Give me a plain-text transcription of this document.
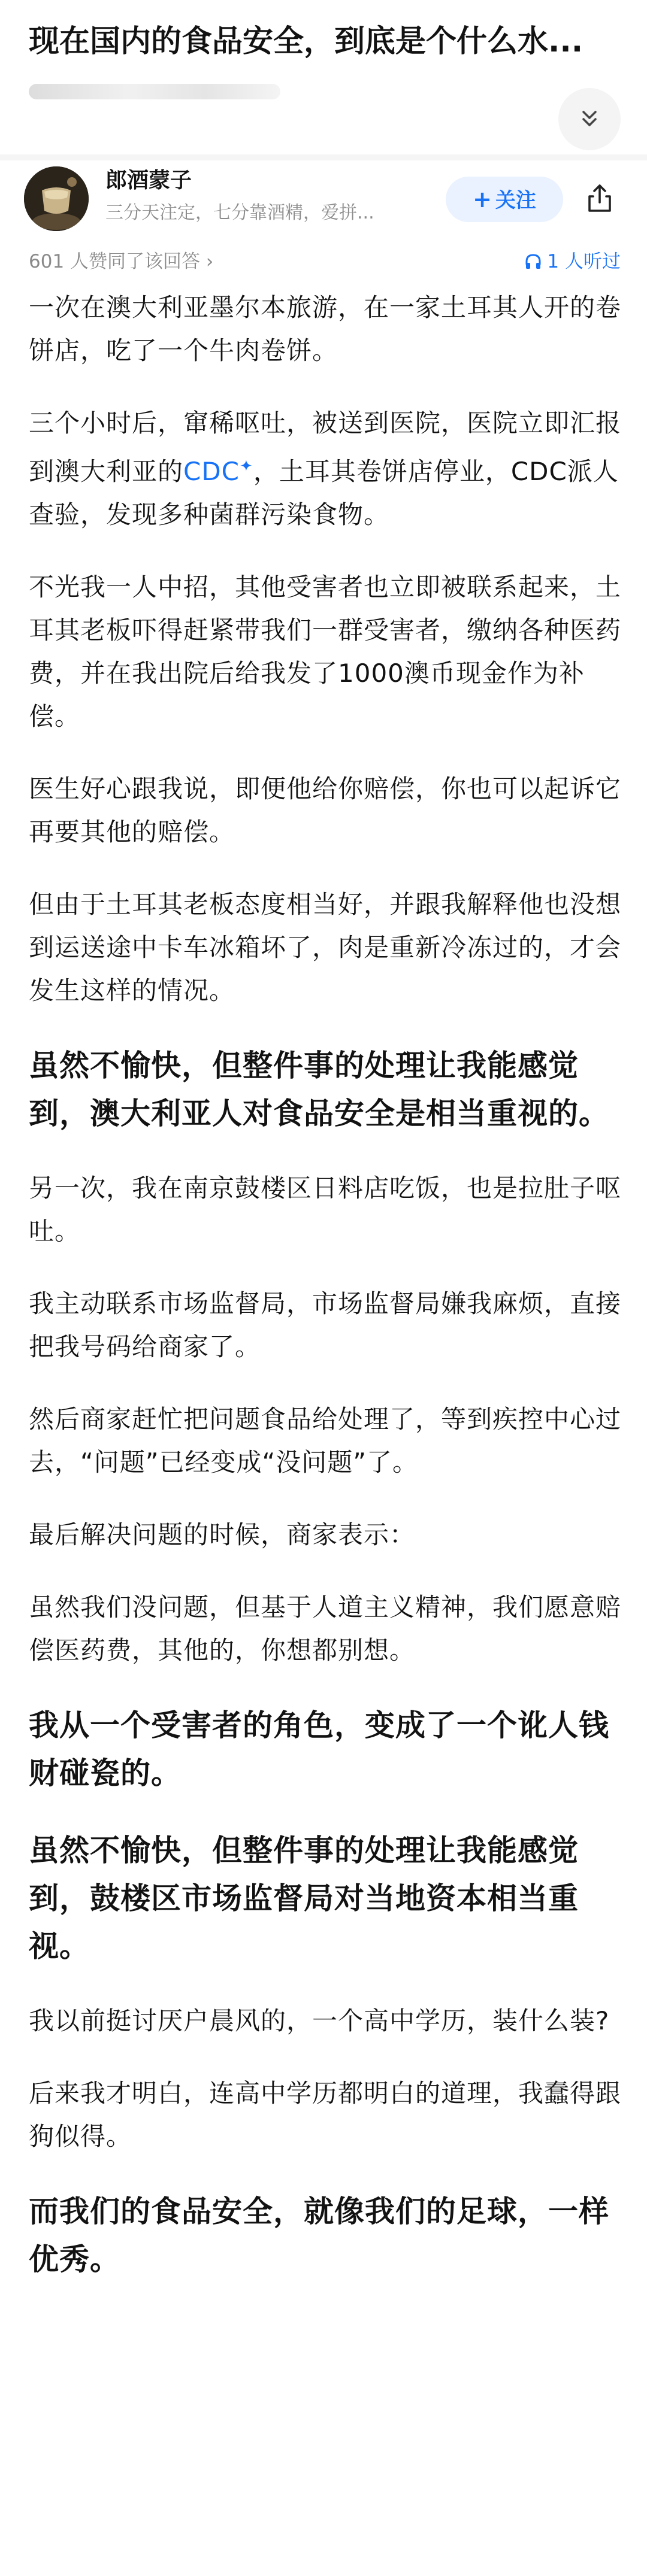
现在国内的食品安全，到底是个什么水...
郎酒蒙子
三分天注定，七分靠酒精，爱拼...
+ 关注
601 人赞同了该回答 ›	1 人听过

一次在澳大利亚墨尔本旅游，在一家土耳其人开的卷饼店，吃了一个牛肉卷饼。

三个小时后，窜稀呕吐，被送到医院，医院立即汇报到澳大利亚的CDC✦，土耳其卷饼店停业，CDC派人查验，发现多种菌群污染食物。

不光我一人中招，其他受害者也立即被联系起来，土耳其老板吓得赶紧带我们一群受害者，缴纳各种医药费，并在我出院后给我发了1000澳币现金作为补偿。

医生好心跟我说，即便他给你赔偿，你也可以起诉它再要其他的赔偿。

但由于土耳其老板态度相当好，并跟我解释他也没想到运送途中卡车冰箱坏了，肉是重新冷冻过的，才会发生这样的情况。

虽然不愉快，但整件事的处理让我能感觉到，澳大利亚人对食品安全是相当重视的。

另一次，我在南京鼓楼区日料店吃饭，也是拉肚子呕吐。

我主动联系市场监督局，市场监督局嫌我麻烦，直接把我号码给商家了。

然后商家赶忙把问题食品给处理了，等到疾控中心过去，“问题”已经变成“没问题”了。

最后解决问题的时候，商家表示：

虽然我们没问题，但基于人道主义精神，我们愿意赔偿医药费，其他的，你想都别想。

我从一个受害者的角色，变成了一个讹人钱财碰瓷的。

虽然不愉快，但整件事的处理让我能感觉到，鼓楼区市场监督局对当地资本相当重视。

我以前挺讨厌户晨风的，一个高中学历，装什么装?

后来我才明白，连高中学历都明白的道理，我蠢得跟狗似得。

而我们的食品安全，就像我们的足球，一样优秀。
